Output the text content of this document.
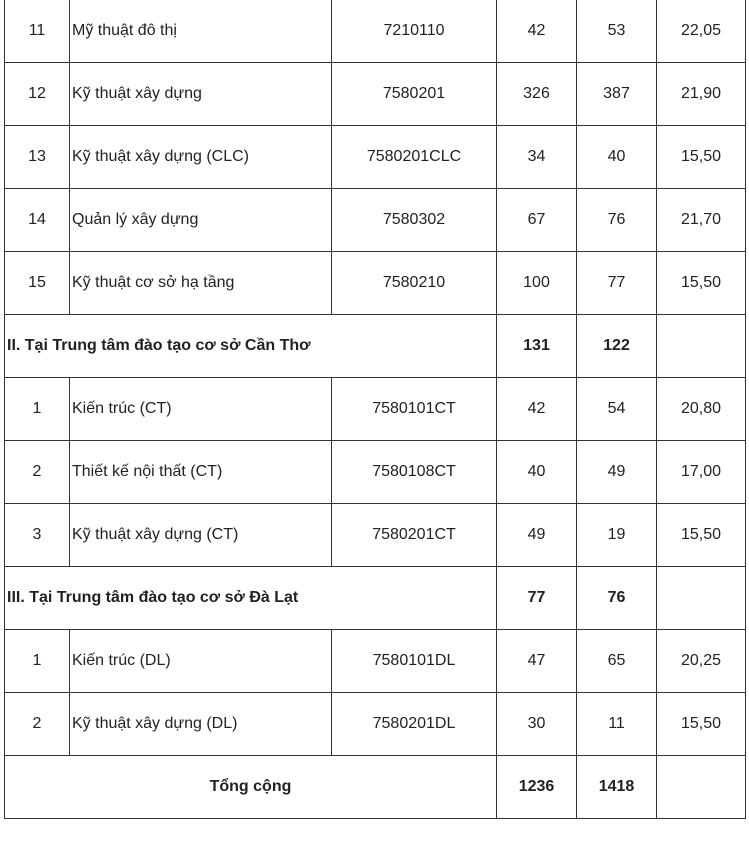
11	Mỹ thuật đô thị	7210110	42	53	22,05
12	Kỹ thuật xây dựng	7580201	326	387	21,90
13	Kỹ thuật xây dựng (CLC)	7580201CLC	34	40	15,50
14	Quản lý xây dựng	7580302	67	76	21,70
15	Kỹ thuật cơ sở hạ tầng	7580210	100	77	15,50
II. Tại Trung tâm đào tạo cơ sở Cần Thơ			131	122	
1	Kiến trúc (CT)	7580101CT	42	54	20,80
2	Thiết kế nội thất (CT)	7580108CT	40	49	17,00
3	Kỹ thuật xây dựng (CT)	7580201CT	49	19	15,50
III. Tại Trung tâm đào tạo cơ sở Đà Lạt			77	76	
1	Kiến trúc (DL)	7580101DL	47	65	20,25
2	Kỹ thuật xây dựng (DL)	7580201DL	30	11	15,50
Tổng cộng			1236	1418	
